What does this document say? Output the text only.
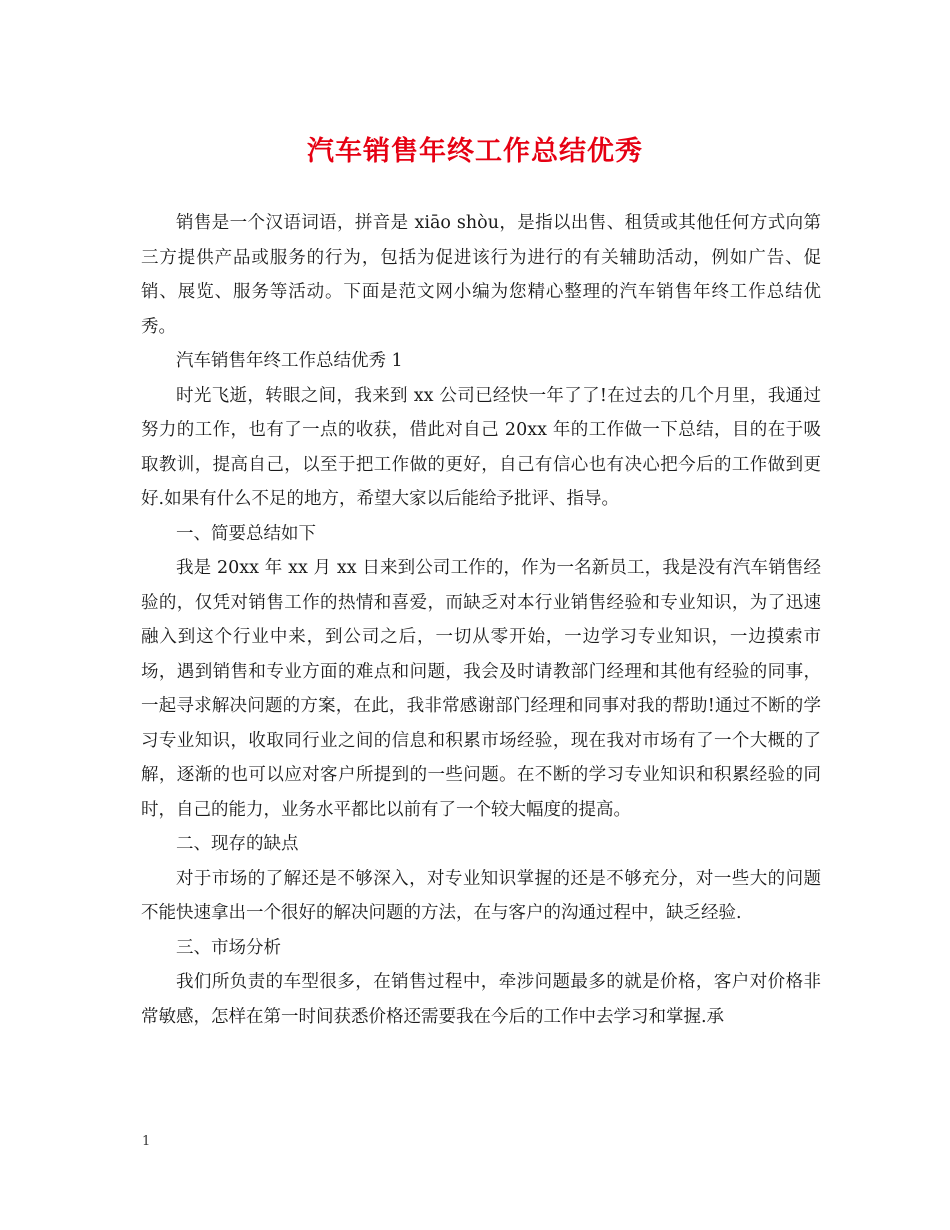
汽车销售年终工作总结优秀

销售是一个汉语词语，拼音是 xiāo shòu，是指以出售、租赁或其他任何方式向第三方提供产品或服务的行为，包括为促进该行为进行的有关辅助活动，例如广告、促销、展览、服务等活动。下面是范文网小编为您精心整理的汽车销售年终工作总结优秀。

汽车销售年终工作总结优秀 1

时光飞逝，转眼之间，我来到 xx 公司已经快一年了了!在过去的几个月里，我通过努力的工作，也有了一点的收获，借此对自己 20xx 年的工作做一下总结，目的在于吸取教训，提高自己，以至于把工作做的更好，自己有信心也有决心把今后的工作做到更好.如果有什么不足的地方，希望大家以后能给予批评、指导。

一、简要总结如下

我是 20xx 年 xx 月 xx 日来到公司工作的，作为一名新员工，我是没有汽车销售经验的，仅凭对销售工作的热情和喜爱，而缺乏对本行业销售经验和专业知识，为了迅速融入到这个行业中来，到公司之后，一切从零开始，一边学习专业知识，一边摸索市场，遇到销售和专业方面的难点和问题，我会及时请教部门经理和其他有经验的同事，一起寻求解决问题的方案，在此，我非常感谢部门经理和同事对我的帮助!通过不断的学习专业知识，收取同行业之间的信息和积累市场经验，现在我对市场有了一个大概的了解，逐渐的也可以应对客户所提到的一些问题。在不断的学习专业知识和积累经验的同时，自己的能力，业务水平都比以前有了一个较大幅度的提高。

二、现存的缺点

对于市场的了解还是不够深入，对专业知识掌握的还是不够充分，对一些大的问题不能快速拿出一个很好的解决问题的方法，在与客户的沟通过程中，缺乏经验.

三、市场分析

我们所负责的车型很多，在销售过程中，牵涉问题最多的就是价格，客户对价格非常敏感，怎样在第一时间获悉价格还需要我在今后的工作中去学习和掌握.承

1
